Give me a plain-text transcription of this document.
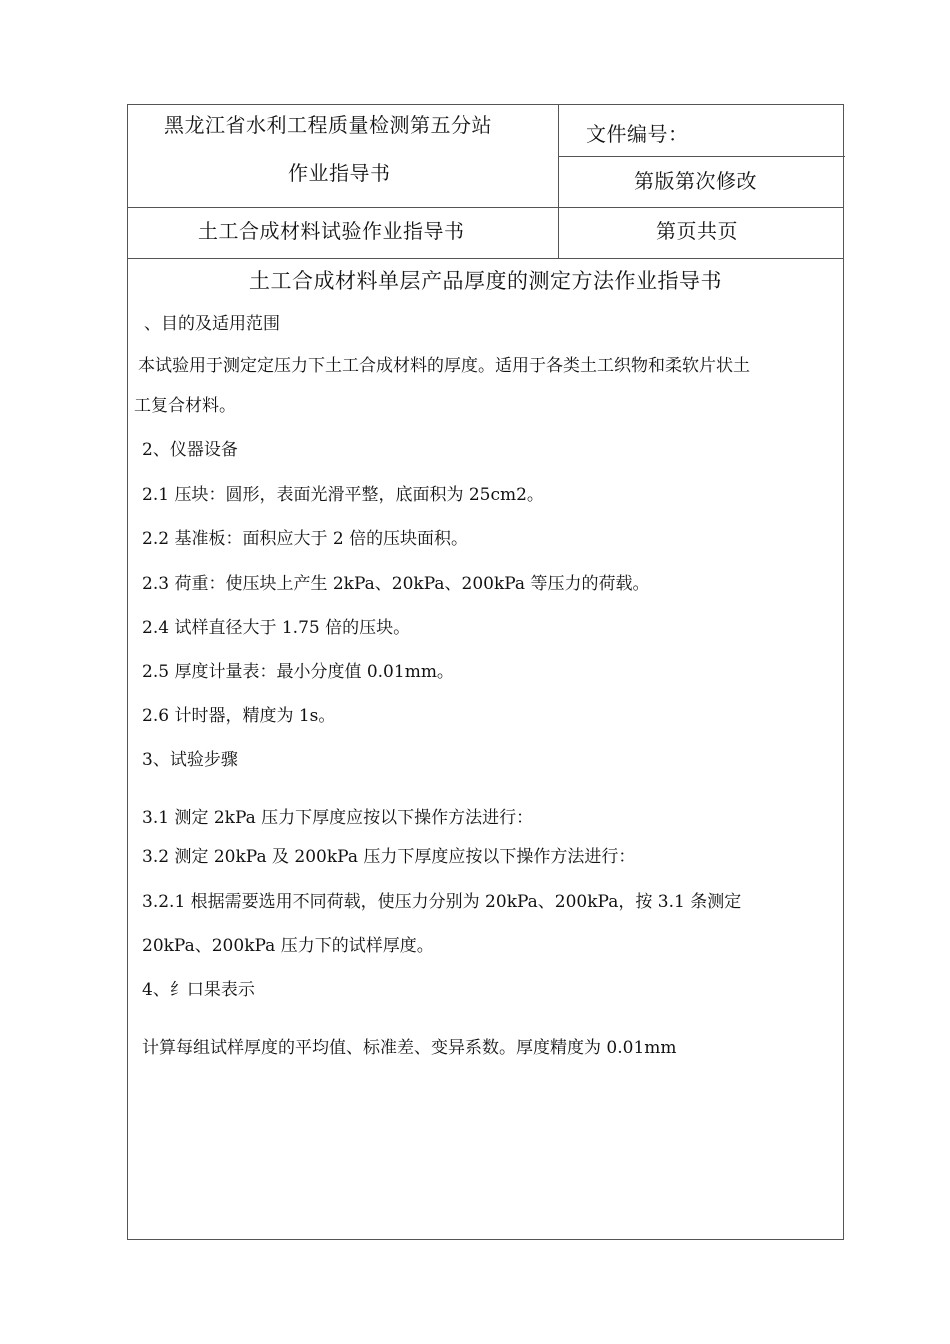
黑龙江省水利工程质量检测第五分站
作业指导书
文件编号：
第版第次修改
土工合成材料试验作业指导书	第页共页
土工合成材料单层产品厚度的测定方法作业指导书
、目的及适用范围
本试验用于测定定压力下土工合成材料的厚度。适用于各类土工织物和柔软片状土
工复合材料。
2、仪器设备
2.1 压块：圆形，表面光滑平整，底面积为 25cm2。
2.2 基准板：面积应大于 2 倍的压块面积。
2.3 荷重：使压块上产生 2kPa、20kPa、200kPa 等压力的荷载。
2.4 试样直径大于 1.75 倍的压块。
2.5 厚度计量表：最小分度值 0.01mm。
2.6 计时器，精度为 1s。
3、试验步骤
3.1 测定 2kPa 压力下厚度应按以下操作方法进行：
3.2 测定 20kPa 及 200kPa 压力下厚度应按以下操作方法进行：
3.2.1 根据需要选用不同荷载，使压力分别为 20kPa、200kPa，按 3.1 条测定
20kPa、200kPa 压力下的试样厚度。
4、纟口果表示
计算每组试样厚度的平均值、标准差、变异系数。厚度精度为 0.01mm
